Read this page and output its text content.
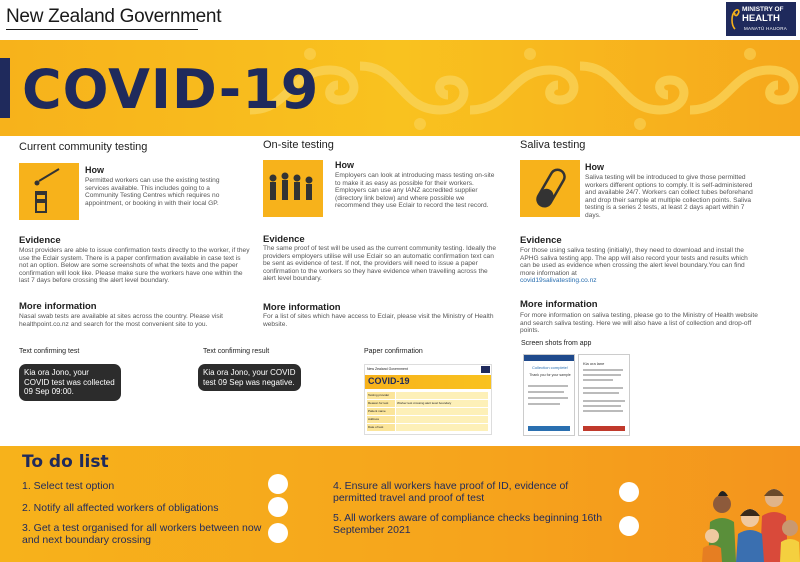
New Zealand Government	MINISTRY OF
HEALTH
MANATŪ HAUORA
COVID-19
Current community testing
How
Permitted workers can use the existing testing services available. This includes going to a Community Testing Centres which requires no appointment, or booking in with their local GP.
Evidence
Most providers are able to issue confirmation texts directly to the worker, if they use the Eclair system. There is a paper confirmation available in case text is not an option. Below are some screenshots of what the texts and the paper confirmation will look like. Please make sure the workers have one within the last 7 days before crossing the alert level boundary.
More information
Nasal swab tests are available at sites across the country. Please visit healthpoint.co.nz and search for the most convenient site to you.
On-site testing
How
Employers can look at introducing mass testing on-site to make it as easy as possible for their workers. Employers can use any IANZ accredited supplier (directory link below) and where possible we recommend they use Eclair to record the test record.
Evidence
The same proof of test will be used as the current community testing. Ideally the providers employers utilise will use Eclair so an automatic confirmation text can be sent as evidence of test. If not, the providers will need to issue a paper confirmation to the workers so they have evidence when travelling across the alert level boundary.
More information
For a list of sites which have access to Eclair, please visit the Ministry of Health website.
Saliva testing
How
Saliva testing will be introduced to give those permitted workers different options to comply. It is self-administered and available 24/7. Workers can collect tubes beforehand and drop their sample at multiple collection points. Saliva testing is a series 2 tests, at least 2 days apart within 7 days.
Evidence
For those using saliva testing (initially), they need to download and install the APHG saliva testing app. The app will also record your tests and results which can be used as evidence when crossing the alert level boundary.You can find more information at
covid19salivatesting.co.nz
More information
For more information on saliva testing, please go to the Ministry of Health website and search saliva testing. Here we will also have a list of collection and drop-off points.
Text confirming test
Kia ora Jono, your COVID test was collected 09 Sep 09:00.
Text confirming result
Kia ora Jono, your COVID test 09 Sep was negative.
Paper confirmation
New Zealand Government
COVID-19
Testing provider
Reason for test	Worker test crossing alert level boundary
Patient name
Address
Date of test
Screen shots from app
Collection complete!
Thank you for your sample
Kia ora lane
To do list
1. Select test option
2. Notify all affected workers of obligations
3. Get a test organised for all workers between now and next boundary crossing
4. Ensure all workers have proof of ID, evidence of permitted travel and proof of test
5. All workers aware of compliance checks beginning 16th September 2021
